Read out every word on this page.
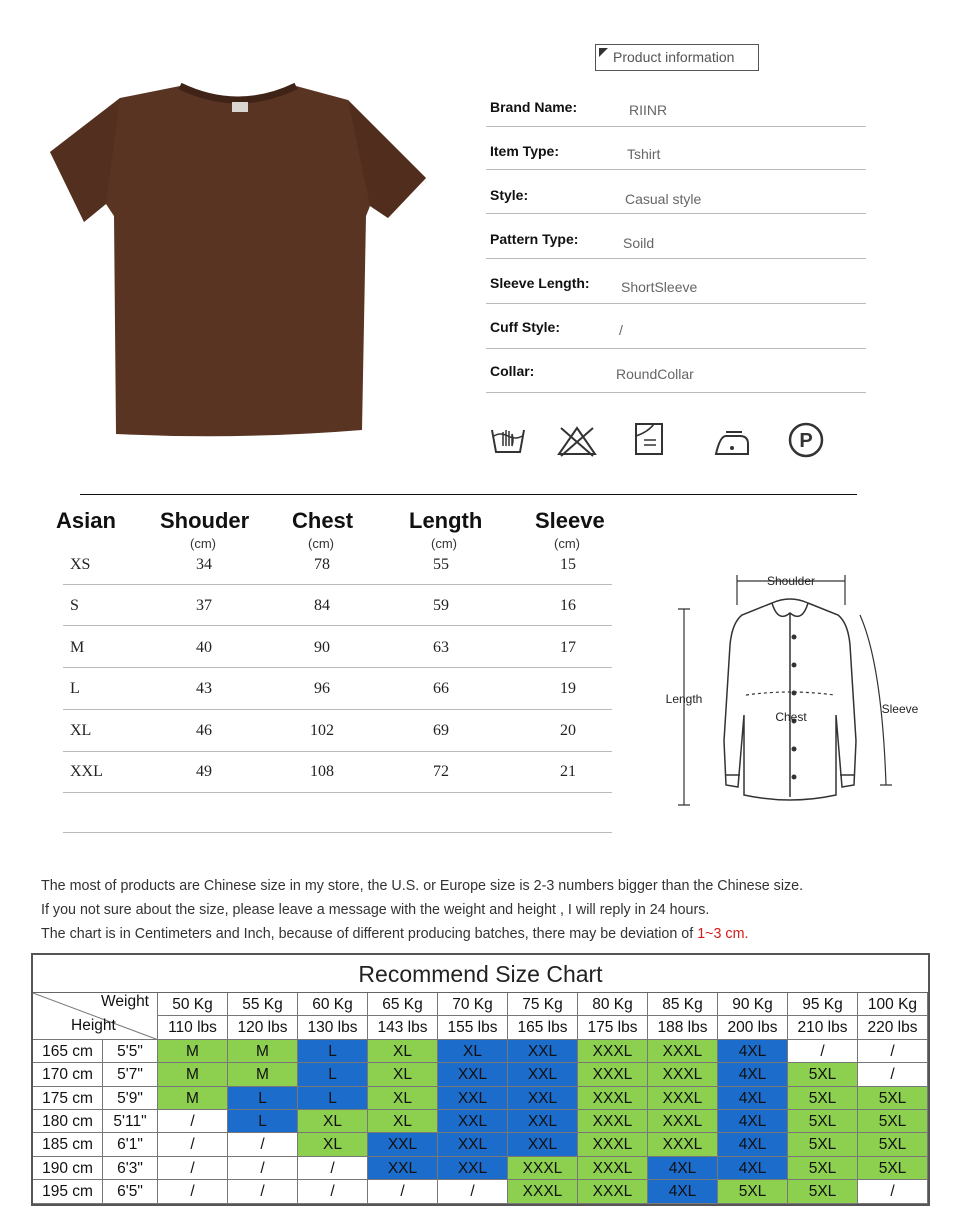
Product information
Brand Name:	RIINR
Item Type:	Tshirt
Style:	Casual style
Pattern Type:	Soild
Sleeve Length: ShortSleeve
Cuff Style:	/
Collar:	RoundCollar
P
Asian Shouder Chest	Length Sleeve
(cm)	(cm)	(cm)	(cm)
XS	34	78	55	15
S	37	84	59	16
M	40	90	63	17
L	43	96	66	19
XL	46	102	69	20
XXL	49	108	72	21
Shoulder
Length
Chest
Sleeve
The most of products are Chinese size in my store, the U.S. or Europe size is 2-3 numbers bigger than the Chinese size.
If you not sure about the size, please leave a message with the weight and height , I will reply in 24 hours.
The chart is in Centimeters and Inch, because of different producing batches, there may be deviation of 1~3 cm.
Recommend Size Chart
Weight
Height
50 Kg	55 Kg	60 Kg	65 Kg	70 Kg	75 Kg	80 Kg	85 Kg	90 Kg	95 Kg	100 Kg
110 lbs	120 lbs	130 lbs	143 lbs	155 lbs	165 lbs	175 lbs	188 lbs	200 lbs	210 lbs	220 lbs
165 cm	5'5"	M	M	L	XL	XL	XXL	XXXL	XXXL	4XL	/	/
170 cm	5'7"	M	M	L	XL	XXL	XXL	XXXL	XXXL	4XL	5XL	/
175 cm	5'9"	M	L	L	XL	XXL	XXL	XXXL	XXXL	4XL	5XL	5XL
180 cm	5'11"	/	L	XL	XL	XXL	XXL	XXXL	XXXL	4XL	5XL	5XL
185 cm	6'1"	/	/	XL	XXL	XXL	XXL	XXXL	XXXL	4XL	5XL	5XL
190 cm	6'3"	/	/	/	XXL	XXL	XXXL	XXXL	4XL	4XL	5XL	5XL
195 cm	6'5"	/	/	/	/	/	XXXL	XXXL	4XL	5XL	5XL	/
